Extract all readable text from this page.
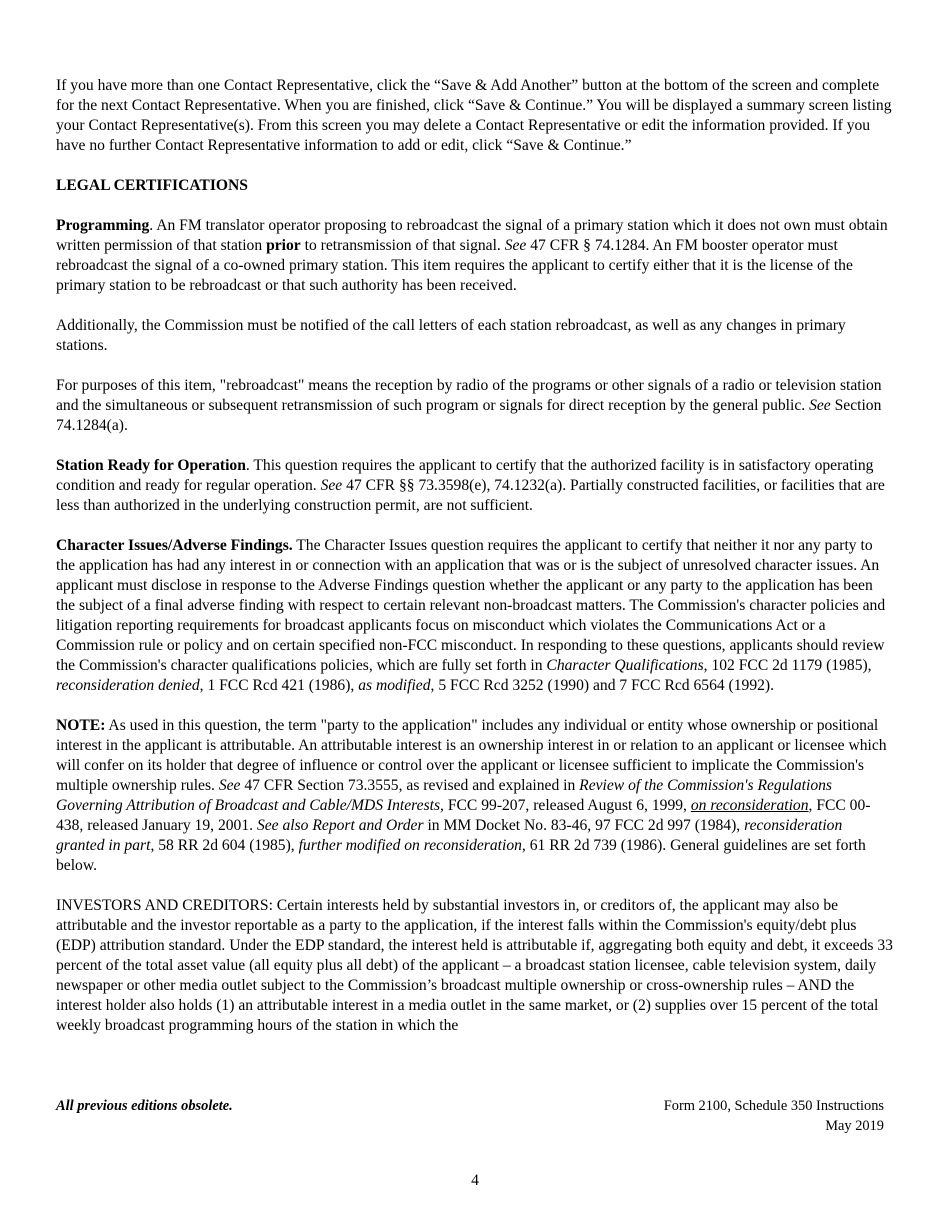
If you have more than one Contact Representative, click the “Save & Add Another” button at the bottom of the screen and complete for the next Contact Representative. When you are finished, click “Save & Continue.” You will be displayed a summary screen listing your Contact Representative(s). From this screen you may delete a Contact Representative or edit the information provided. If you have no further Contact Representative information to add or edit, click “Save & Continue.”

LEGAL CERTIFICATIONS

Programming. An FM translator operator proposing to rebroadcast the signal of a primary station which it does not own must obtain written permission of that station prior to retransmission of that signal. See 47 CFR § 74.1284. An FM booster operator must rebroadcast the signal of a co-owned primary station. This item requires the applicant to certify either that it is the license of the primary station to be rebroadcast or that such authority has been received.

Additionally, the Commission must be notified of the call letters of each station rebroadcast, as well as any changes in primary stations.

For purposes of this item, "rebroadcast" means the reception by radio of the programs or other signals of a radio or television station and the simultaneous or subsequent retransmission of such program or signals for direct reception by the general public. See Section 74.1284(a).

Station Ready for Operation. This question requires the applicant to certify that the authorized facility is in satisfactory operating condition and ready for regular operation. See 47 CFR §§ 73.3598(e), 74.1232(a). Partially constructed facilities, or facilities that are less than authorized in the underlying construction permit, are not sufficient.

Character Issues/Adverse Findings. The Character Issues question requires the applicant to certify that neither it nor any party to the application has had any interest in or connection with an application that was or is the subject of unresolved character issues. An applicant must disclose in response to the Adverse Findings question whether the applicant or any party to the application has been the subject of a final adverse finding with respect to certain relevant non-broadcast matters. The Commission's character policies and litigation reporting requirements for broadcast applicants focus on misconduct which violates the Communications Act or a Commission rule or policy and on certain specified non-FCC misconduct. In responding to these questions, applicants should review the Commission's character qualifications policies, which are fully set forth in Character Qualifications, 102 FCC 2d 1179 (1985), reconsideration denied, 1 FCC Rcd 421 (1986), as modified, 5 FCC Rcd 3252 (1990) and 7 FCC Rcd 6564 (1992).

NOTE: As used in this question, the term "party to the application" includes any individual or entity whose ownership or positional interest in the applicant is attributable. An attributable interest is an ownership interest in or relation to an applicant or licensee which will confer on its holder that degree of influence or control over the applicant or licensee sufficient to implicate the Commission's multiple ownership rules. See 47 CFR Section 73.3555, as revised and explained in Review of the Commission's Regulations Governing Attribution of Broadcast and Cable/MDS Interests, FCC 99-207, released August 6, 1999, on reconsideration, FCC 00-438, released January 19, 2001. See also Report and Order in MM Docket No. 83-46, 97 FCC 2d 997 (1984), reconsideration granted in part, 58 RR 2d 604 (1985), further modified on reconsideration, 61 RR 2d 739 (1986). General guidelines are set forth below.

INVESTORS AND CREDITORS: Certain interests held by substantial investors in, or creditors of, the applicant may also be attributable and the investor reportable as a party to the application, if the interest falls within the Commission's equity/debt plus (EDP) attribution standard. Under the EDP standard, the interest held is attributable if, aggregating both equity and debt, it exceeds 33 percent of the total asset value (all equity plus all debt) of the applicant – a broadcast station licensee, cable television system, daily newspaper or other media outlet subject to the Commission’s broadcast multiple ownership or cross-ownership rules – AND the interest holder also holds (1) an attributable interest in a media outlet in the same market, or (2) supplies over 15 percent of the total weekly broadcast programming hours of the station in which the

All previous editions obsolete.	Form 2100, Schedule 350 Instructions
May 2019
4
